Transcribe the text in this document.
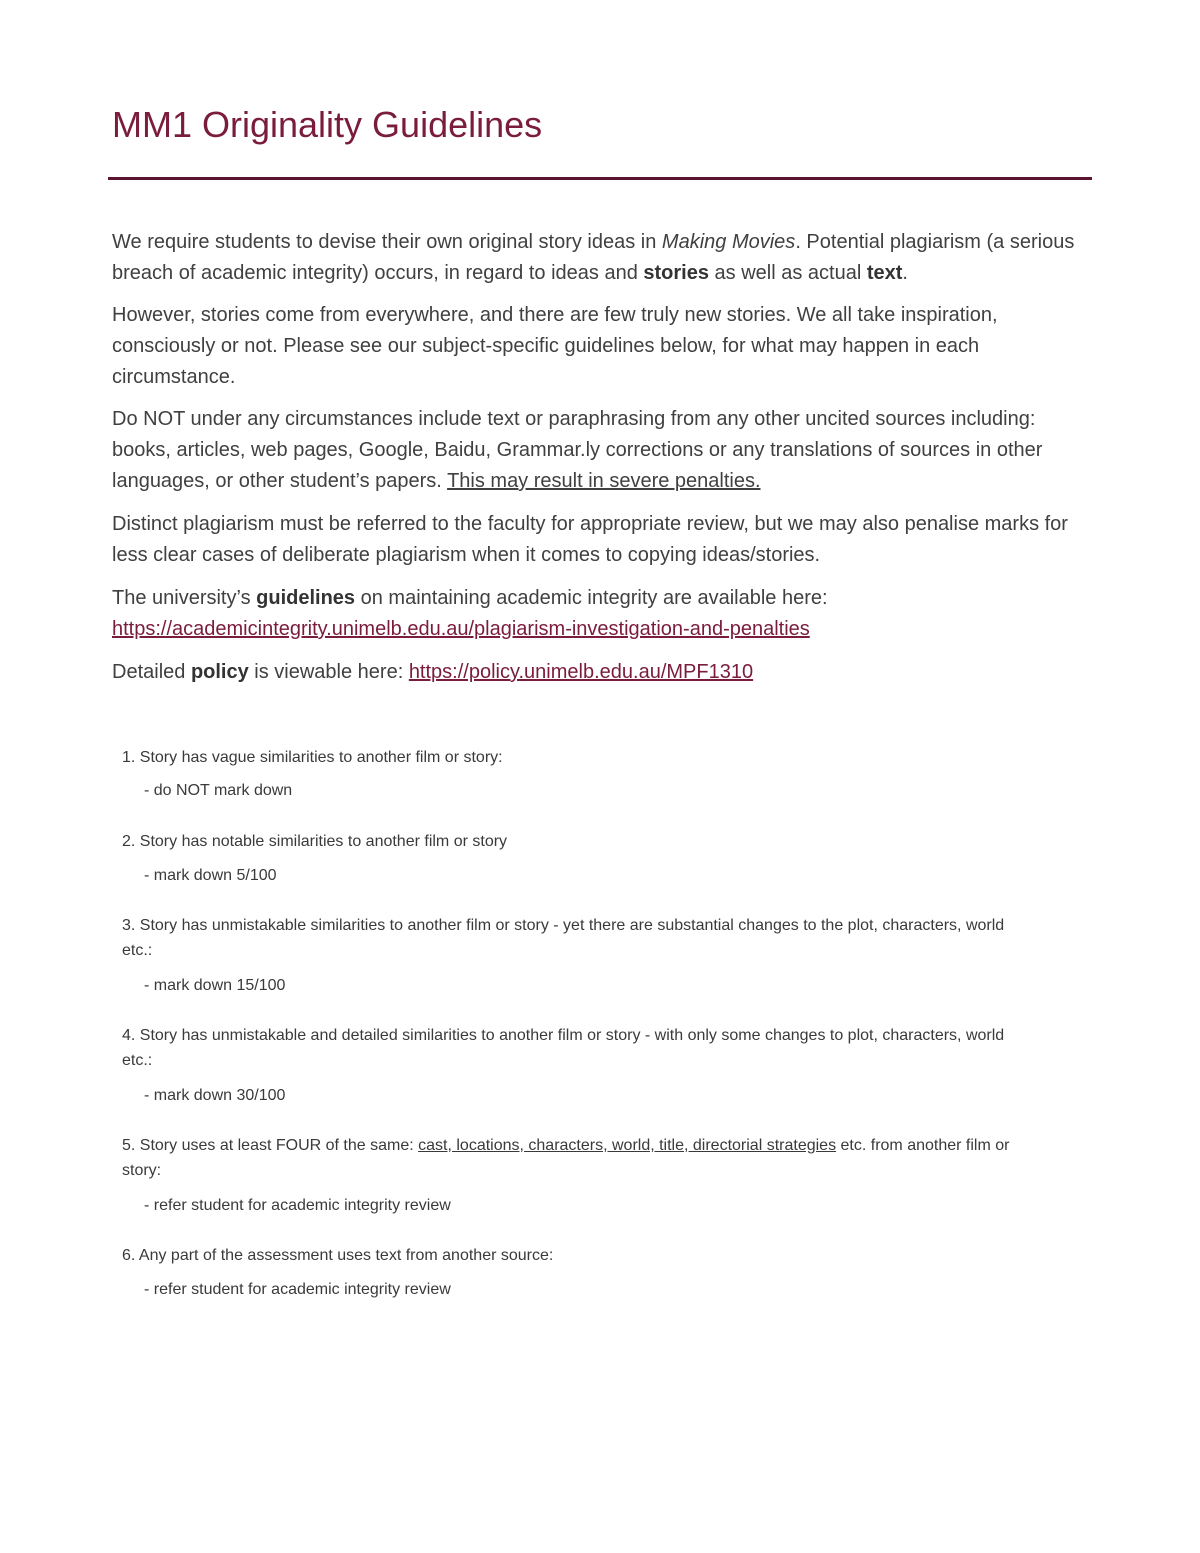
MM1 Originality Guidelines

We require students to devise their own original story ideas in Making Movies. Potential plagiarism (a serious breach of academic integrity) occurs, in regard to ideas and stories as well as actual text.

However, stories come from everywhere, and there are few truly new stories. We all take inspiration, consciously or not. Please see our subject-specific guidelines below, for what may happen in each circumstance.

Do NOT under any circumstances include text or paraphrasing from any other uncited sources including: books, articles, web pages, Google, Baidu, Grammar.ly corrections or any translations of sources in other languages, or other student’s papers. This may result in severe penalties.

Distinct plagiarism must be referred to the faculty for appropriate review, but we may also penalise marks for less clear cases of deliberate plagiarism when it comes to copying ideas/stories.

The university’s guidelines on maintaining academic integrity are available here: https://academicintegrity.unimelb.edu.au/plagiarism-investigation-and-penalties

Detailed policy is viewable here: https://policy.unimelb.edu.au/MPF1310

1. Story has vague similarities to another film or story:
- do NOT mark down
2. Story has notable similarities to another film or story
- mark down 5/100
3. Story has unmistakable similarities to another film or story - yet there are substantial changes to the plot, characters, world etc.:
- mark down 15/100
4. Story has unmistakable and detailed similarities to another film or story - with only some changes to plot, characters, world etc.:
- mark down 30/100
5. Story uses at least FOUR of the same: cast, locations, characters, world, title, directorial strategies etc. from another film or story:
- refer student for academic integrity review
6. Any part of the assessment uses text from another source:
- refer student for academic integrity review
